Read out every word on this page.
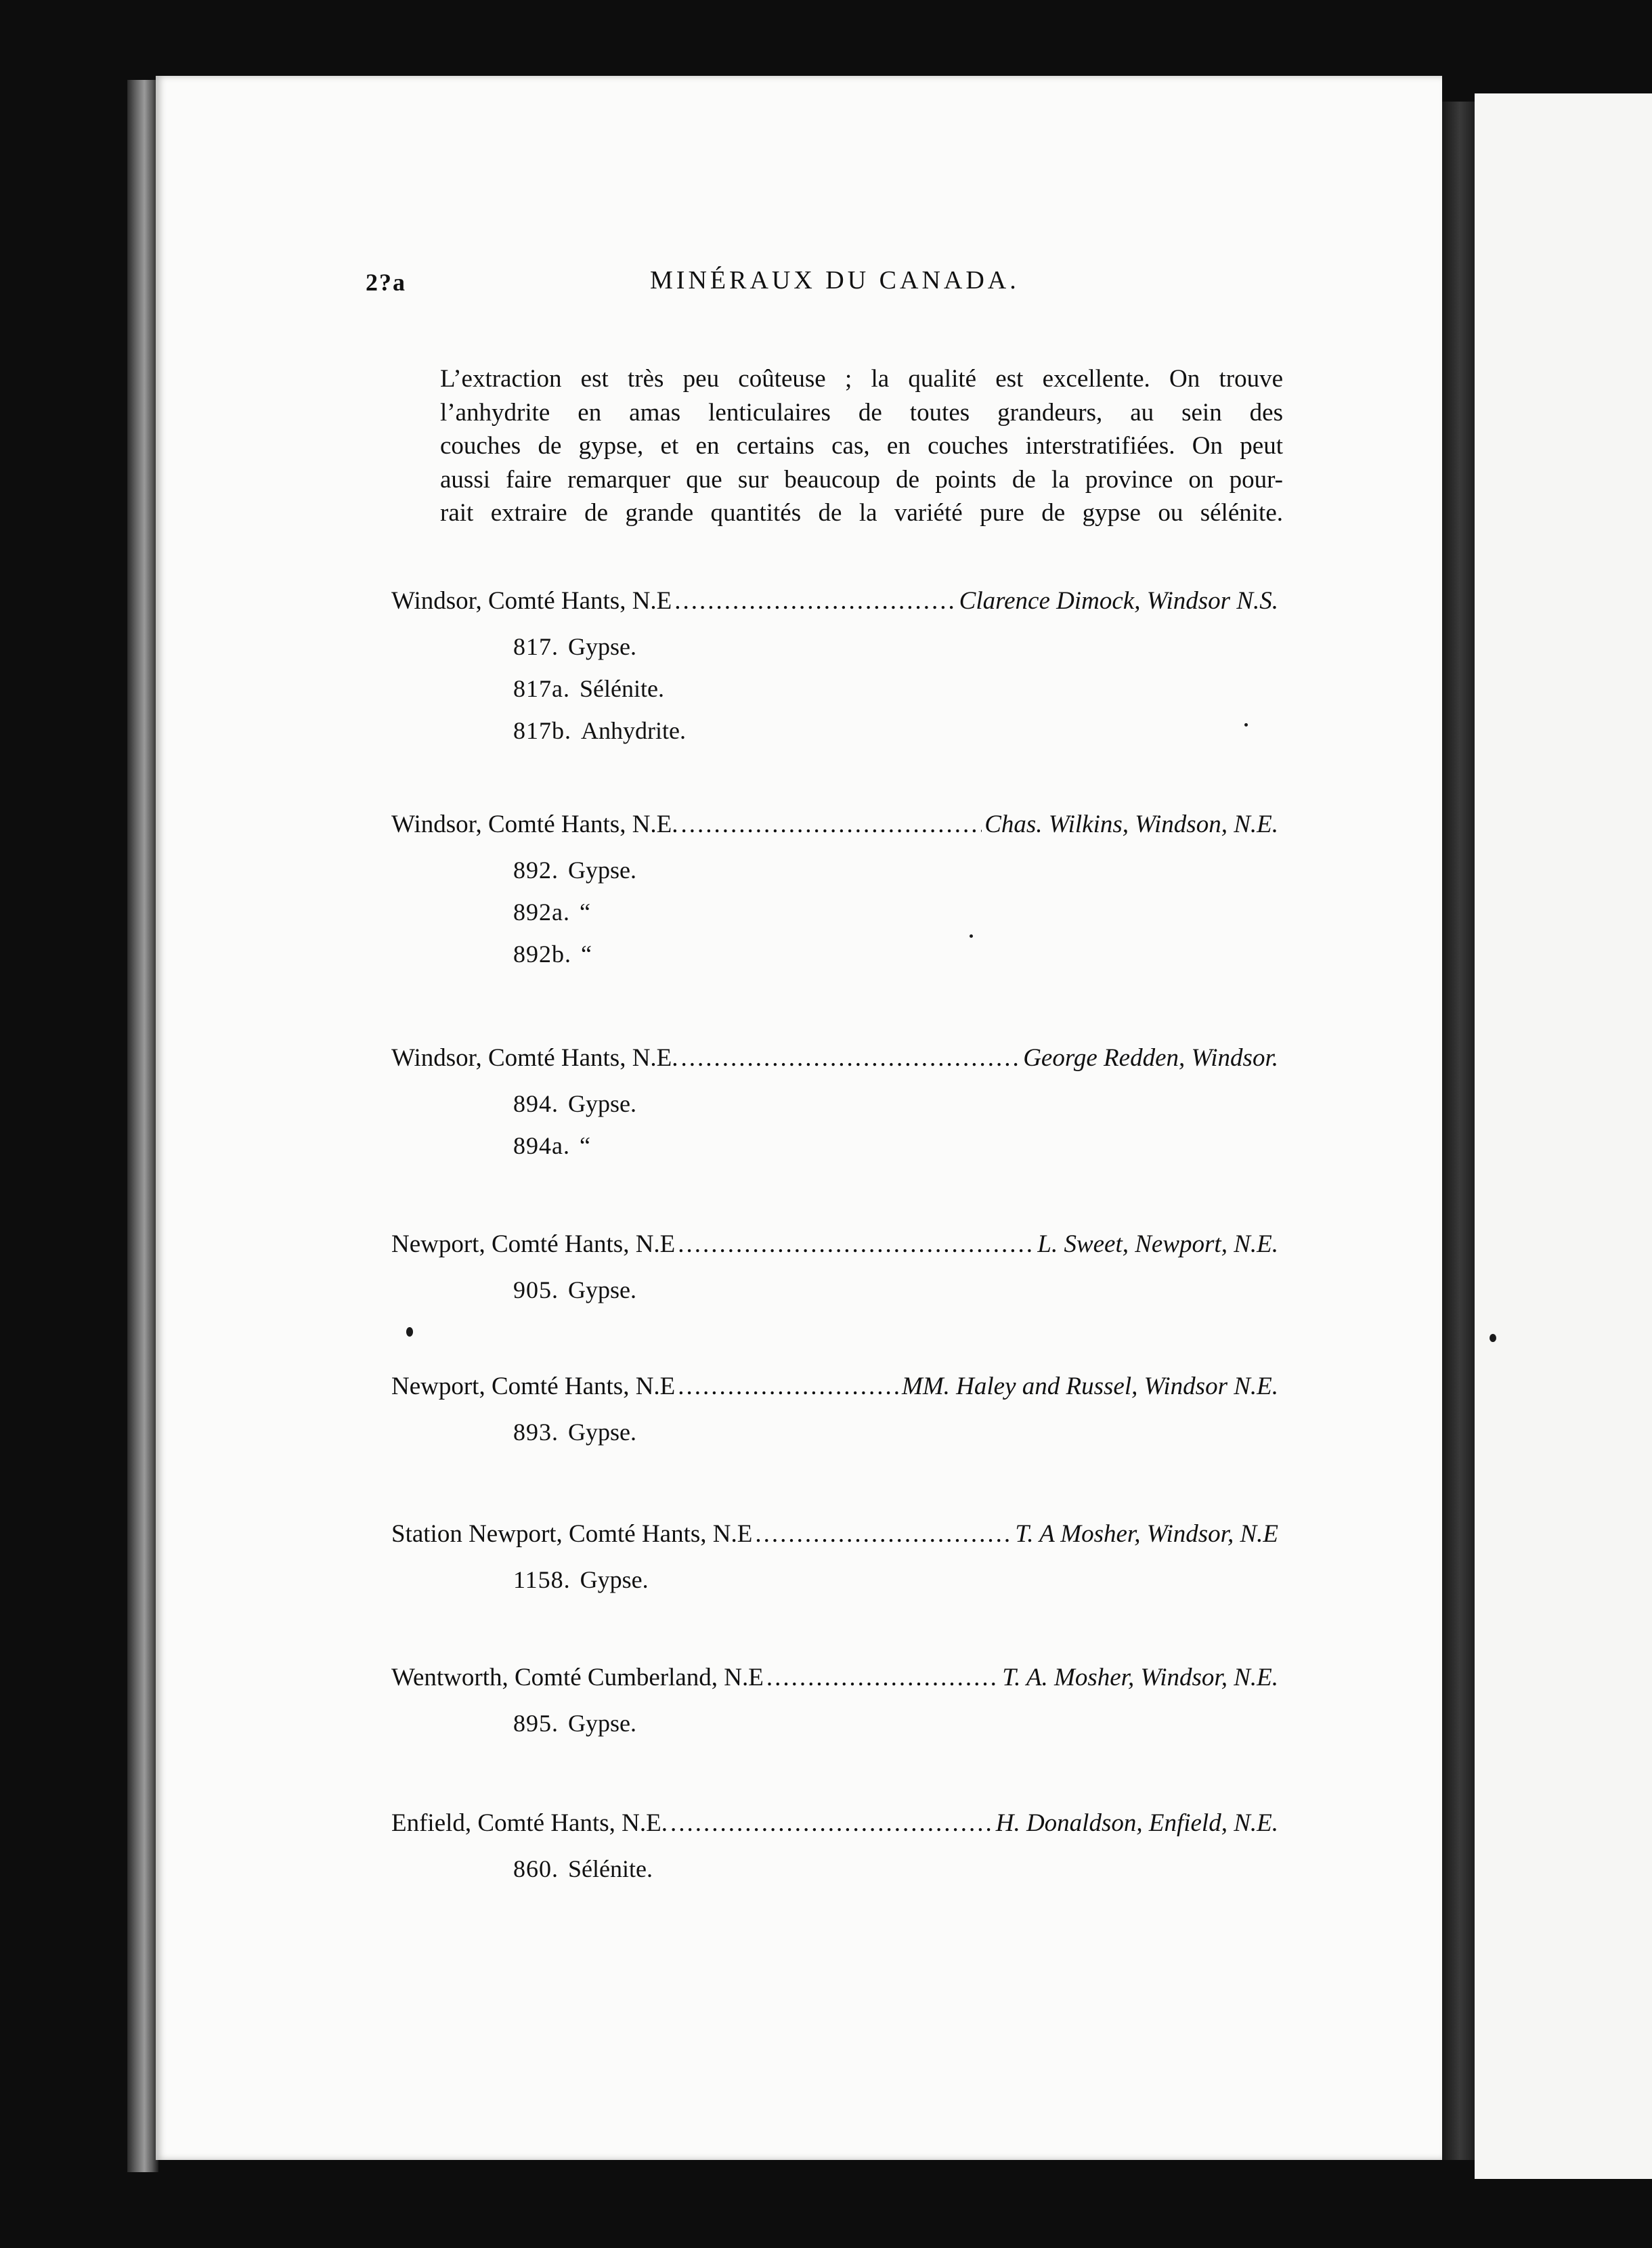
2?a	MINÉRAUX DU CANADA.
L’extraction est très peu coûteuse ; la qualité est excellente. On trouve
l’anhydrite en amas lenticulaires de toutes grandeurs, au sein des
couches de gypse, et en certains cas, en couches interstratifiées. On peut
aussi faire remarquer que sur beaucoup de points de la province on pour-
rait extraire de grande quantités de la variété pure de gypse ou sélénite.
Windsor, Comté Hants, N.E .....	Clarence Dimock, Windsor N.S.
817. Gypse.
817a. Sélénite.
817b. Anhydrite.
Windsor, Comté Hants, N.E. .....	Chas. Wilkins, Windson, N.E.
892. Gypse.
892a. “
892b. “
Windsor, Comté Hants, N.E. .....	George Redden, Windsor.
894. Gypse.
894a. “
Newport, Comté Hants, N.E .....	L. Sweet, Newport, N.E.
905. Gypse.
Newport, Comté Hants, N.E .....	MM. Haley and Russel, Windsor N.E.
893. Gypse.
Station Newport, Comté Hants, N.E .....	T. A Mosher, Windsor, N.E
1158. Gypse.
Wentworth, Comté Cumberland, N.E .....	T. A. Mosher, Windsor, N.E.
895. Gypse.
Enfield, Comté Hants, N.E. .....	H. Donaldson, Enfield, N.E.
860. Sélénite.
